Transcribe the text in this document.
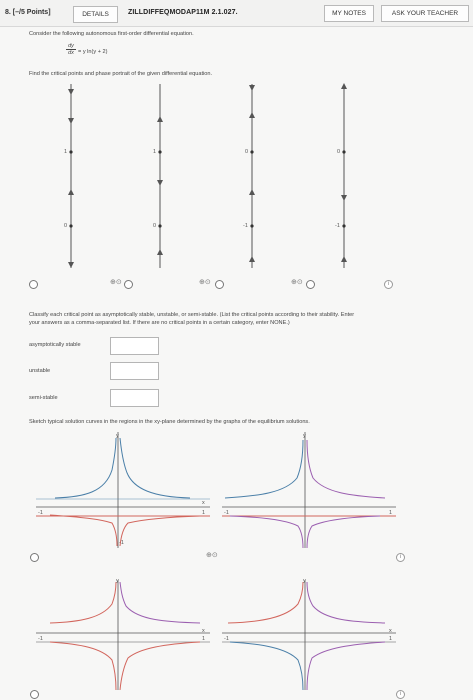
8. [–/5 Points]	DETAILS	ZILLDIFFEQMODAP11M 2.1.027.	MY NOTES	ASK YOUR TEACHER
Consider the following autonomous first-order differential equation.
$\frac{dy}{dx} = y$ ln(y + 2)
Find the critical points and phase portrait of the given differential equation.
1
0
1
0
0
-1
0
-1
⊕⊙	⊕⊙	⊕⊙	i
Classify each critical point as asymptotically stable, unstable, or semi-stable. (List the critical points according to their stability. Enter
your answers as a comma-separated list. If there are no critical points in a certain category, enter NONE.)
asymptotically stable
unstable
semi-stable
Sketch typical solution curves in the regions in the xy-plane determined by the graphs of the equilibrium solutions.
y
x
-1	1
-1
y
-1	1
y
x
-1	1
y
x
-1	1
⊕⊙	i
i
